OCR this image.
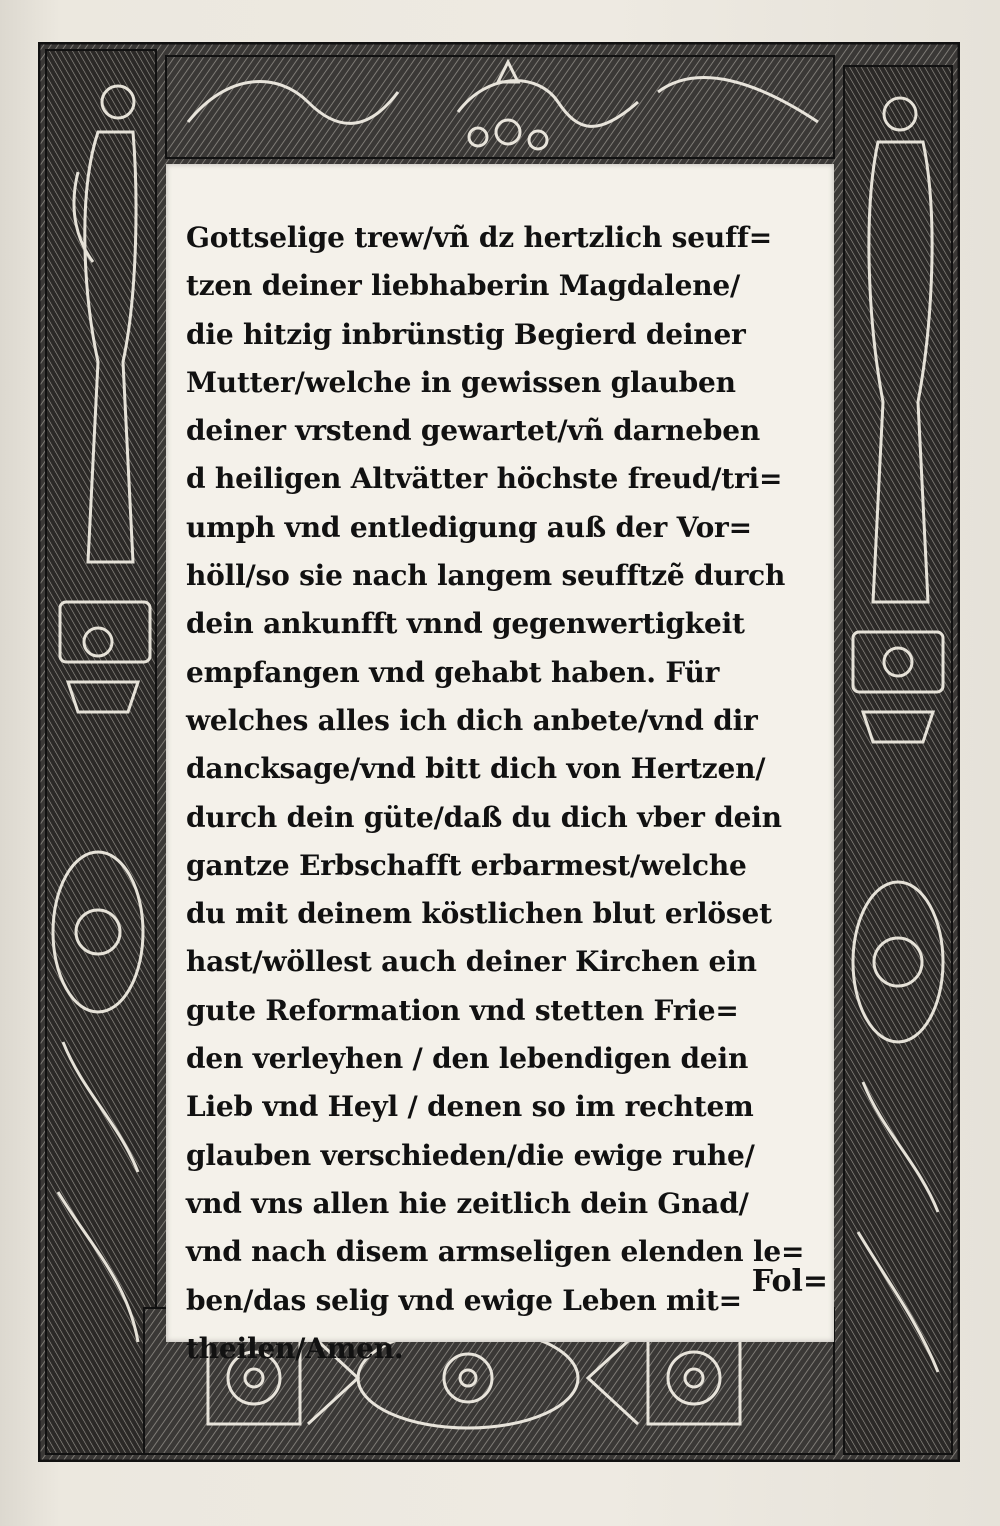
Gottselige trew/vñ dz hertzlich seuff=
tzen deiner liebhaberin Magdalene/
die hitzig inbrünstig Begierd deiner
Mutter/welche in gewissen glauben
deiner vrstend gewartet/vñ darneben
d heiligen Altvätter höchste freud/tri=
umph vnd entledigung auß der Vor=
höll/so sie nach langem seufftzẽ durch
dein ankunfft vnnd gegenwertigkeit
empfangen vnd gehabt haben. Für
welches alles ich dich anbete/vnd dir
dancksage/vnd bitt dich von Hertzen/
durch dein güte/daß du dich vber dein
gantze Erbschafft erbarmest/welche
du mit deinem köstlichen blut erlöset
hast/wöllest auch deiner Kirchen ein
gute Reformation vnd stetten Frie=
den verleyhen / den lebendigen dein
Lieb vnd Heyl / denen so im rechtem
glauben verschieden/die ewige ruhe/
vnd vns allen hie zeitlich dein Gnad/
vnd nach disem armseligen elenden le=
ben/das selig vnd ewige Leben mit=
theilen/Amen.
Fol=
